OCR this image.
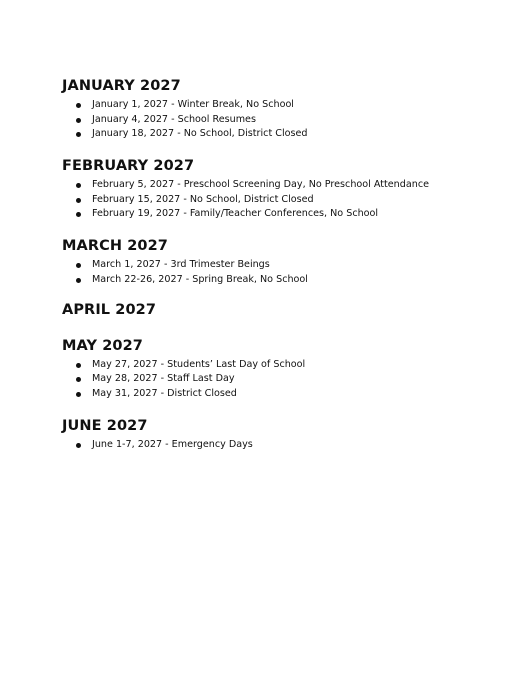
JANUARY 2027
January 1, 2027 - Winter Break, No School
January 4, 2027 - School Resumes
January 18, 2027 - No School, District Closed
FEBRUARY 2027
February 5, 2027 - Preschool Screening Day, No Preschool Attendance
February 15, 2027 - No School, District Closed
February 19, 2027 - Family/Teacher Conferences, No School
MARCH 2027
March 1, 2027 - 3rd Trimester Beings
March 22-26, 2027 - Spring Break, No School
APRIL 2027
MAY 2027
May 27, 2027 - Students’ Last Day of School
May 28, 2027 - Staff Last Day
May 31, 2027 - District Closed
JUNE 2027
June 1-7, 2027 - Emergency Days
